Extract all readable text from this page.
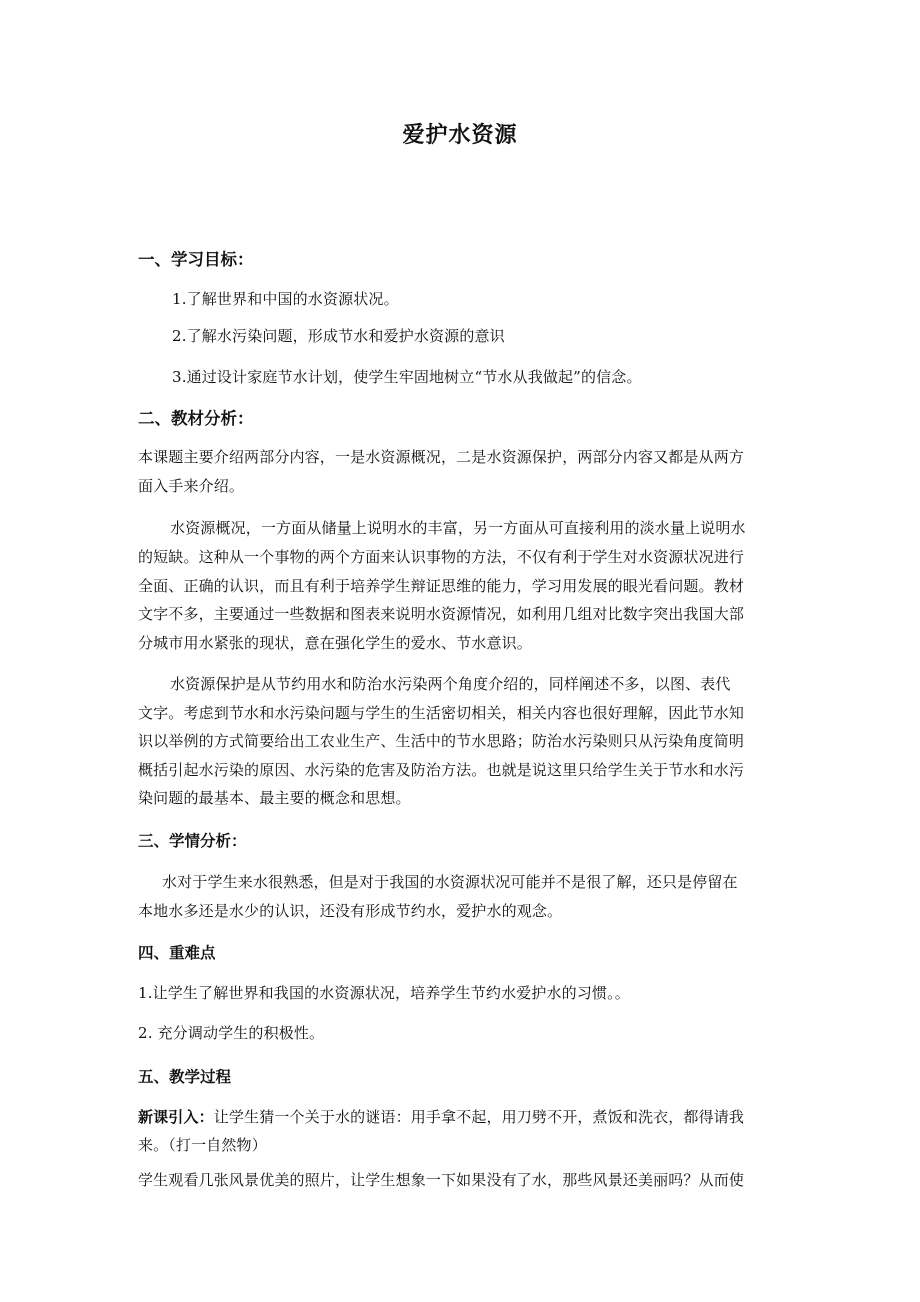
爱护水资源
一、学习目标：
1.了解世界和中国的水资源状况。
2.了解水污染问题，形成节水和爱护水资源的意识
3.通过设计家庭节水计划，使学生牢固地树立“节水从我做起”的信念。
二、教材分析：
本课题主要介绍两部分内容，一是水资源概况，二是水资源保护，两部分内容又都是从两方
面入手来介绍。
水资源概况，一方面从储量上说明水的丰富，另一方面从可直接利用的淡水量上说明水
的短缺。这种从一个事物的两个方面来认识事物的方法，不仅有利于学生对水资源状况进行
全面、正确的认识，而且有利于培养学生辩证思维的能力，学习用发展的眼光看问题。教材
文字不多，主要通过一些数据和图表来说明水资源情况，如利用几组对比数字突出我国大部
分城市用水紧张的现状，意在强化学生的爱水、节水意识。
水资源保护是从节约用水和防治水污染两个角度介绍的，同样阐述不多，以图、表代
文字。考虑到节水和水污染问题与学生的生活密切相关，相关内容也很好理解，因此节水知
识以举例的方式简要给出工农业生产、生活中的节水思路；防治水污染则只从污染角度简明
概括引起水污染的原因、水污染的危害及防治方法。也就是说这里只给学生关于节水和水污
染问题的最基本、最主要的概念和思想。
三、学情分析：
水对于学生来水很熟悉，但是对于我国的水资源状况可能并不是很了解，还只是停留在
本地水多还是水少的认识，还没有形成节约水，爱护水的观念。
四、重难点
1.让学生了解世界和我国的水资源状况，培养学生节约水爱护水的习惯。。
2. 充分调动学生的积极性。
五、教学过程
新课引入：让学生猜一个关于水的谜语：用手拿不起，用刀劈不开，煮饭和洗衣，都得请我
来。（打一自然物）
学生观看几张风景优美的照片，让学生想象一下如果没有了水，那些风景还美丽吗？从而使
